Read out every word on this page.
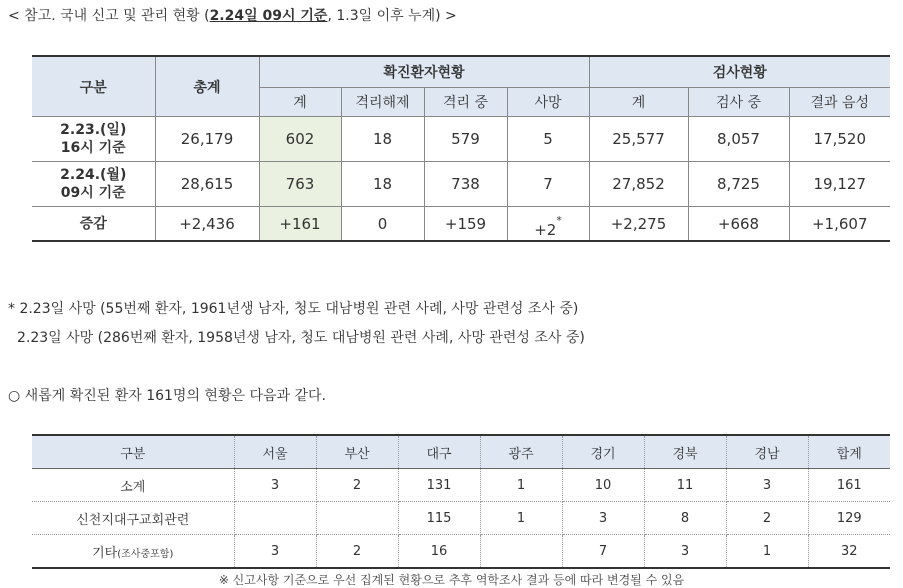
< 참고. 국내 신고 및 관리 현황 (2.24일 09시 기준, 1.3일 이후 누계) >
구분	총계	확진환자현황				검사현황		
		계	격리해제	격리 중	사망	계	검사 중	결과 음성
2.23.(일)
16시 기준	26,179	602	18	579	5	25,577	8,057	17,520
2.24.(월)
09시 기준	28,615	763	18	738	7	27,852	8,725	19,127
증감	+2,436	+161	0	+159	+2*	+2,275	+668	+1,607
* 2.23일 사망 (55번째 환자, 1961년생 남자, 청도 대남병원 관련 사례, 사망 관련성 조사 중)
2.23일 사망 (286번째 환자, 1958년생 남자, 청도 대남병원 관련 사례, 사망 관련성 조사 중)
○ 새롭게 확진된 환자 161명의 현황은 다음과 같다.
구분	서울	부산	대구	광주	경기	경북	경남	합계
소계	3	2	131	1	10	11	3	161
신천지대구교회관련			115	1	3	8	2	129
기타(조사중포함)	3	2	16		7	3	1	32
※ 신고사항 기준으로 우선 집계된 현황으로 추후 역학조사 결과 등에 따라 변경될 수 있음
